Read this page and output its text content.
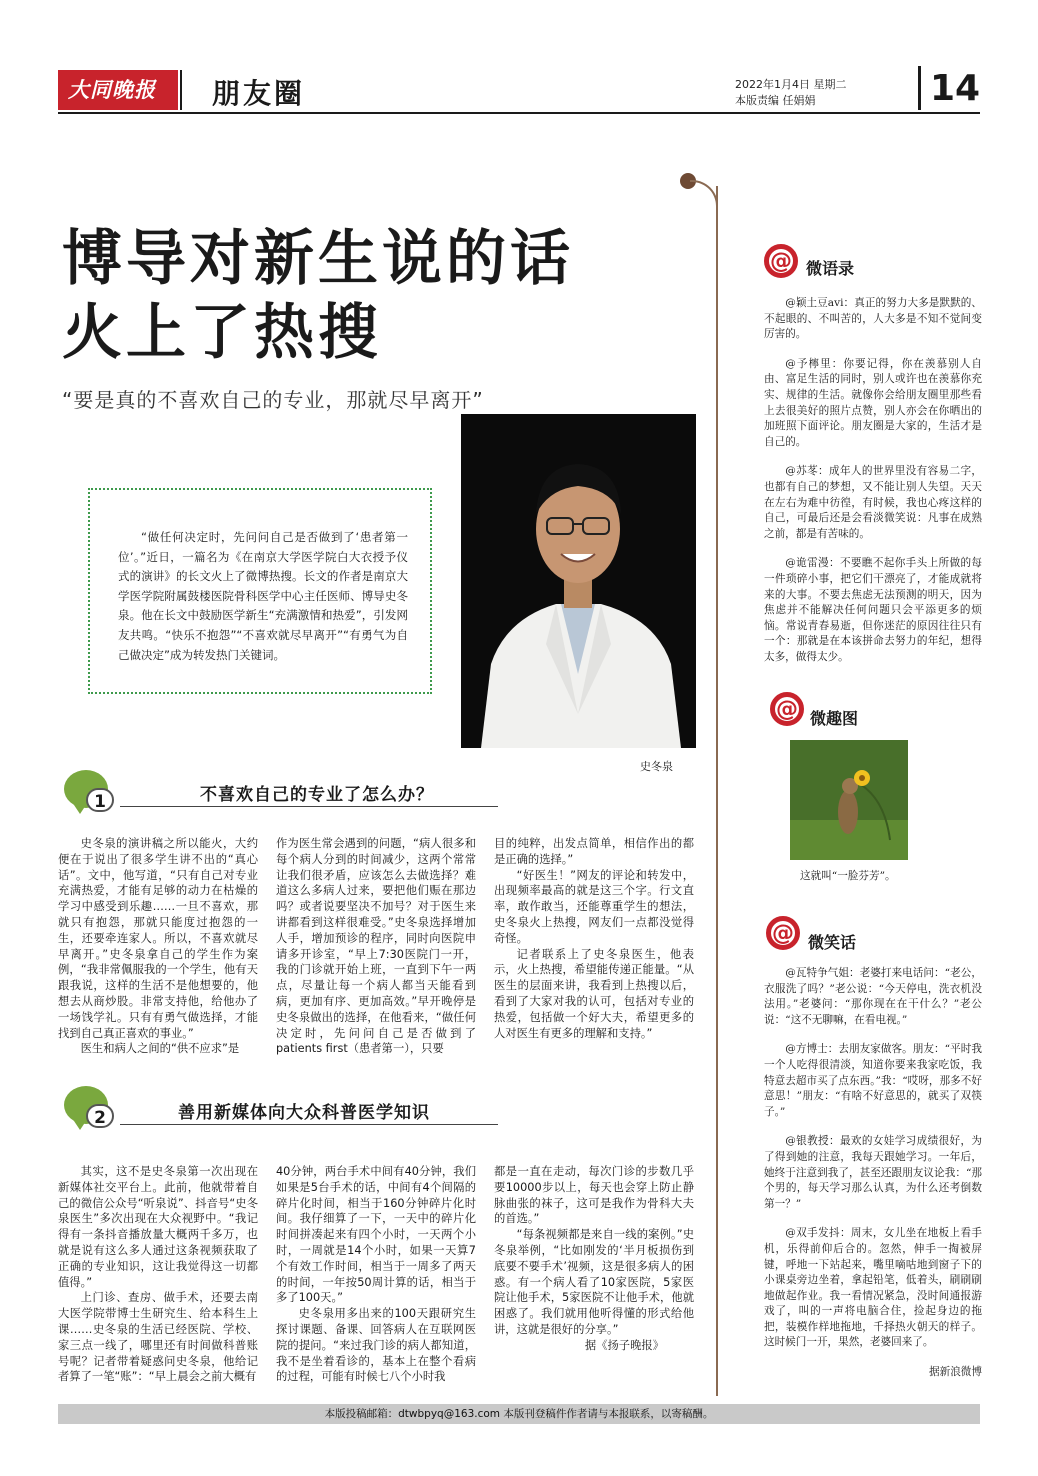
大同晚报	朋友圈	2022年1月4日 星期二
本版责编 任娟娟	14
博导对新生说的话
火上了热搜
“要是真的不喜欢自己的专业，那就尽早离开”
“做任何决定时，先问问自己是否做到了‘患者第一位’。”近日，一篇名为《在南京大学医学院白大衣授予仪式的演讲》的长文火上了微博热搜。长文的作者是南京大学医学院附属鼓楼医院骨科医学中心主任医师、博导史冬泉。他在长文中鼓励医学新生“充满激情和热爱”，引发网友共鸣。“快乐不抱怨”“不喜欢就尽早离开”“有勇气为自己做决定”成为转发热门关键词。
史冬泉
1	不喜欢自己的专业了怎么办？

史冬泉的演讲稿之所以能火，大约便在于说出了很多学生讲不出的“真心话”。文中，他写道，“只有自己对专业充满热爱，才能有足够的动力在枯燥的学习中感受到乐趣……一旦不喜欢，那就只有抱怨，那就只能度过抱怨的一生，还要牵连家人。所以，不喜欢就尽早离开。”史冬泉拿自己的学生作为案例，“我非常佩服我的一个学生，他有天跟我说，这样的生活不是他想要的，他想去从商炒股。非常支持他，给他办了一场饯学礼。只有有勇气做选择，才能找到自己真正喜欢的事业。”

医生和病人之间的“供不应求”是

作为医生常会遇到的问题，“病人很多和每个病人分到的时间减少，这两个常常让我们很矛盾，应该怎么去做选择？难道这么多病人过来，要把他们赈在那边吗？或者说要坚决不加号？对于医生来讲都看到这样很难受。”史冬泉选择增加人手，增加预诊的程序，同时向医院申请多开诊室，“早上7:30医院门一开，我的门诊就开始上班，一直到下午一两点，尽量让每一个病人都当天能看到病，更加有序、更加高效。”早开晚停是史冬泉做出的选择，在他看来，“做任何决定时，先问问自己是否做到了patients first（患者第一），只要

目的纯粹，出发点简单，相信作出的都是正确的选择。”

“好医生！”网友的评论和转发中，出现频率最高的就是这三个字。行文直率，敢作敢当，还能尊重学生的想法，史冬泉火上热搜，网友们一点都没觉得奇怪。

记者联系上了史冬泉医生，他表示，火上热搜，希望能传递正能量。“从医生的层面来讲，我看到上热搜以后，看到了大家对我的认可，包括对专业的热爱，包括做一个好大夫，希望更多的人对医生有更多的理解和支持。”

2	善用新媒体向大众科普医学知识

其实，这不是史冬泉第一次出现在新媒体社交平台上。此前，他就带着自己的微信公众号“听泉说”、抖音号“史冬泉医生”多次出现在大众视野中。“我记得有一条抖音播放量大概两千多万，也就是说有这么多人通过这条视频获取了正确的专业知识，这让我觉得这一切都值得。”

上门诊、查房、做手术，还要去南大医学院带博士生研究生、给本科生上课……史冬泉的生活已经医院、学校、家三点一线了，哪里还有时间做科普账号呢？记者带着疑惑问史冬泉，他给记者算了一笔“账”：“早上晨会之前大概有

40分钟，两台手术中间有40分钟，我们如果是5台手术的话，中间有4个间隔的碎片化时间，相当于160分钟碎片化时间。我仔细算了一下，一天中的碎片化时间拼凑起来有四个小时，一天两个小时，一周就是14个小时，如果一天算7个有效工作时间，相当于一周多了两天的时间，一年按50周计算的话，相当于多了100天。”

史冬泉用多出来的100天跟研究生探讨课题、备课、回答病人在互联网医院的提问。“来过我门诊的病人都知道，我不是坐着看诊的，基本上在整个看病的过程，可能有时候七八个小时我

都是一直在走动，每次门诊的步数几乎要10000步以上，每天也会穿上防止静脉曲张的袜子，这可是我作为骨科大夫的首选。”

“每条视频都是来自一线的案例。”史冬泉举例，“比如刚发的‘半月板损伤到底要不要手术’视频，这是很多病人的困惑。有一个病人看了10家医院，5家医院让他手术，5家医院不让他手术，他就困惑了。我们就用他听得懂的形式给他讲，这就是很好的分享。”

据《扬子晚报》

@ 微语录

@颖土豆avi：真正的努力大多是默默的、不起眼的、不叫苦的，人大多是不知不觉间变厉害的。

@予檸里：你要记得，你在羡慕别人自由、富足生活的同时，别人或许也在羡慕你充实、规律的生活。就像你会给朋友圈里那些看上去很美好的照片点赞，别人亦会在你晒出的加班照下面评论。朋友圈是大家的，生活才是自己的。

@苏苳：成年人的世界里没有容易二字，也都有自己的梦想，又不能让别人失望。天天在左右为难中彷徨，有时候，我也心疼这样的自己，可最后还是会看淡微笑说：凡事在成熟之前，都是有苦味的。

@诡雷漫：不要瞧不起你手头上所做的每一件琐碎小事，把它们干漂亮了，才能成就将来的大事。不要去焦虑无法预测的明天，因为焦虑并不能解决任何问题只会平添更多的烦恼。常说青春易逝，但你迷茫的原因往往只有一个：那就是在本该拼命去努力的年纪，想得太多，做得太少。

@ 微趣图
这就叫“一脸芬芳”。
@ 微笑话

@瓦特争气姐：老婆打来电话问：“老公，衣服洗了吗？”老公说：“今天停电，洗衣机没法用。”老婆问：“那你现在在干什么？”老公说：“这不无聊嘛，在看电视。”

@方博士：去朋友家做客。朋友：“平时我一个人吃得很清淡，知道你要来我家吃饭，我特意去超市买了点东西。”我：“哎呀，那多不好意思！”朋友：“有啥不好意思的，就买了双筷子。”

@银教授：最欢的女娃学习成绩很好，为了得到她的注意，我每天跟她学习。一年后，她终于注意到我了，甚至还跟朋友议论我：“那个男的，每天学习那么认真，为什么还考倒数第一？”

@双手发抖：周末，女儿坐在地板上看手机，乐得前仰后合的。忽然，伸手一掏被屏键，呼地一下站起来，嘴里嘀咕地到窗子下的小课桌旁边坐着，拿起铅笔，低着头，刷刷刷地做起作业。我一看情况紧急，没时间通报游戏了，叫的一声将电脑合住，捡起身边的拖把，装模作样地拖地，千择热火朝天的样子。这时候门一开，果然，老婆回来了。

据新浪微博

本版投稿邮箱：dtwbpyq@163.com 本版刊登稿件作者请与本报联系，以寄稿酬。
